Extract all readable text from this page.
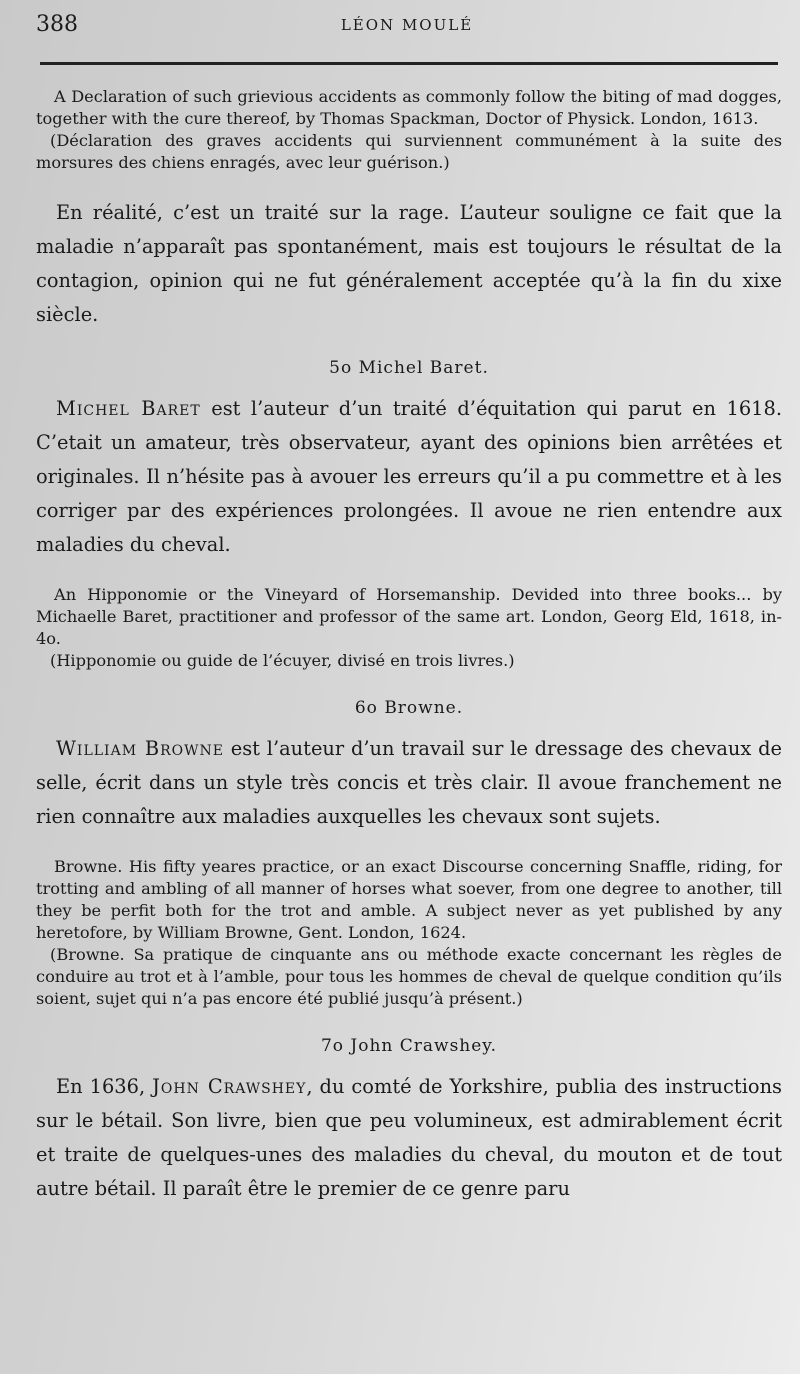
388	LÉON MOULÉ

A Declaration of such grievious accidents as commonly follow the biting of mad dogges, together with the cure thereof, by Thomas Spackman, Doctor of Physick. London, 1613.

(Déclaration des graves accidents qui surviennent communément à la suite des morsures des chiens enragés, avec leur guérison.)

En réalité, c’est un traité sur la rage. L’auteur souligne ce fait que la maladie n’apparaît pas spontanément, mais est toujours le résultat de la contagion, opinion qui ne fut généralement acceptée qu’à la fin du xixe siècle.

5o Michel Baret.

Michel Baret est l’auteur d’un traité d’équitation qui parut en 1618. C’etait un amateur, très observateur, ayant des opinions bien arrêtées et originales. Il n’hésite pas à avouer les erreurs qu’il a pu commettre et à les corriger par des expériences prolongées. Il avoue ne rien entendre aux maladies du cheval.

An Hipponomie or the Vineyard of Horsemanship. Devided into three books... by Michaelle Baret, practitioner and professor of the same art. London, Georg Eld, 1618, in-4o.

(Hipponomie ou guide de l’écuyer, divisé en trois livres.)

6o Browne.

William Browne est l’auteur d’un travail sur le dressage des chevaux de selle, écrit dans un style très concis et très clair. Il avoue franchement ne rien connaître aux maladies auxquelles les chevaux sont sujets.

Browne. His fifty yeares practice, or an exact Discourse concerning Snaffle, riding, for trotting and ambling of all manner of horses what soever, from one degree to another, till they be perfit both for the trot and amble. A subject never as yet published by any heretofore, by William Browne, Gent. London, 1624.

(Browne. Sa pratique de cinquante ans ou méthode exacte concernant les règles de conduire au trot et à l’amble, pour tous les hommes de cheval de quelque condition qu’ils soient, sujet qui n’a pas encore été publié jusqu’à présent.)

7o John Crawshey.

En 1636, John Crawshey, du comté de Yorkshire, publia des instructions sur le bétail. Son livre, bien que peu volumineux, est admirablement écrit et traite de quelques-unes des maladies du cheval, du mouton et de tout autre bétail. Il paraît être le premier de ce genre paru
